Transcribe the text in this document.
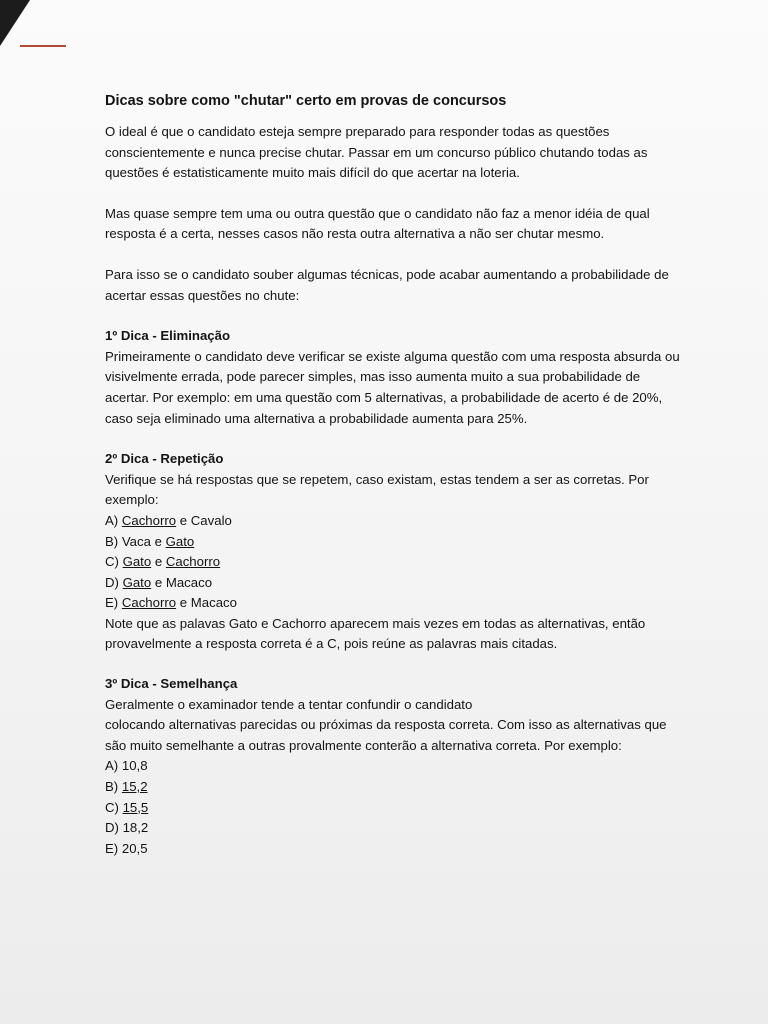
Dicas sobre como "chutar" certo em provas de concursos

O ideal é que o candidato esteja sempre preparado para responder todas as questões conscientemente e nunca precise chutar. Passar em um concurso público chutando todas as questões é estatisticamente muito mais difícil do que acertar na loteria.

Mas quase sempre tem uma ou outra questão que o candidato não faz a menor idéia de qual resposta é a certa, nesses casos não resta outra alternativa a não ser chutar mesmo.

Para isso se o candidato souber algumas técnicas, pode acabar aumentando a probabilidade de acertar essas questões no chute:

1º Dica - Eliminação

Primeiramente o candidato deve verificar se existe alguma questão com uma resposta absurda ou visivelmente errada, pode parecer simples, mas isso aumenta muito a sua probabilidade de acertar. Por exemplo: em uma questão com 5 alternativas, a probabilidade de acerto é de 20%, caso seja eliminado uma alternativa a probabilidade aumenta para 25%.

2º Dica - Repetição

Verifique se há respostas que se repetem, caso existam, estas tendem a ser as corretas. Por exemplo:

A) Cachorro e Cavalo
B) Vaca e Gato
C) Gato e Cachorro
D) Gato e Macaco
E) Cachorro e Macaco

Note que as palavas Gato e Cachorro aparecem mais vezes em todas as alternativas, então provavelmente a resposta correta é a C, pois reúne as palavras mais citadas.

3º Dica - Semelhança
Geralmente o examinador tende a tentar confundir o candidato

colocando alternativas parecidas ou próximas da resposta correta. Com isso as alternativas que são muito semelhante a outras provalmente conterão a alternativa correta. Por exemplo:

A) 10,8
B) 15,2
C) 15,5
D) 18,2
E) 20,5
